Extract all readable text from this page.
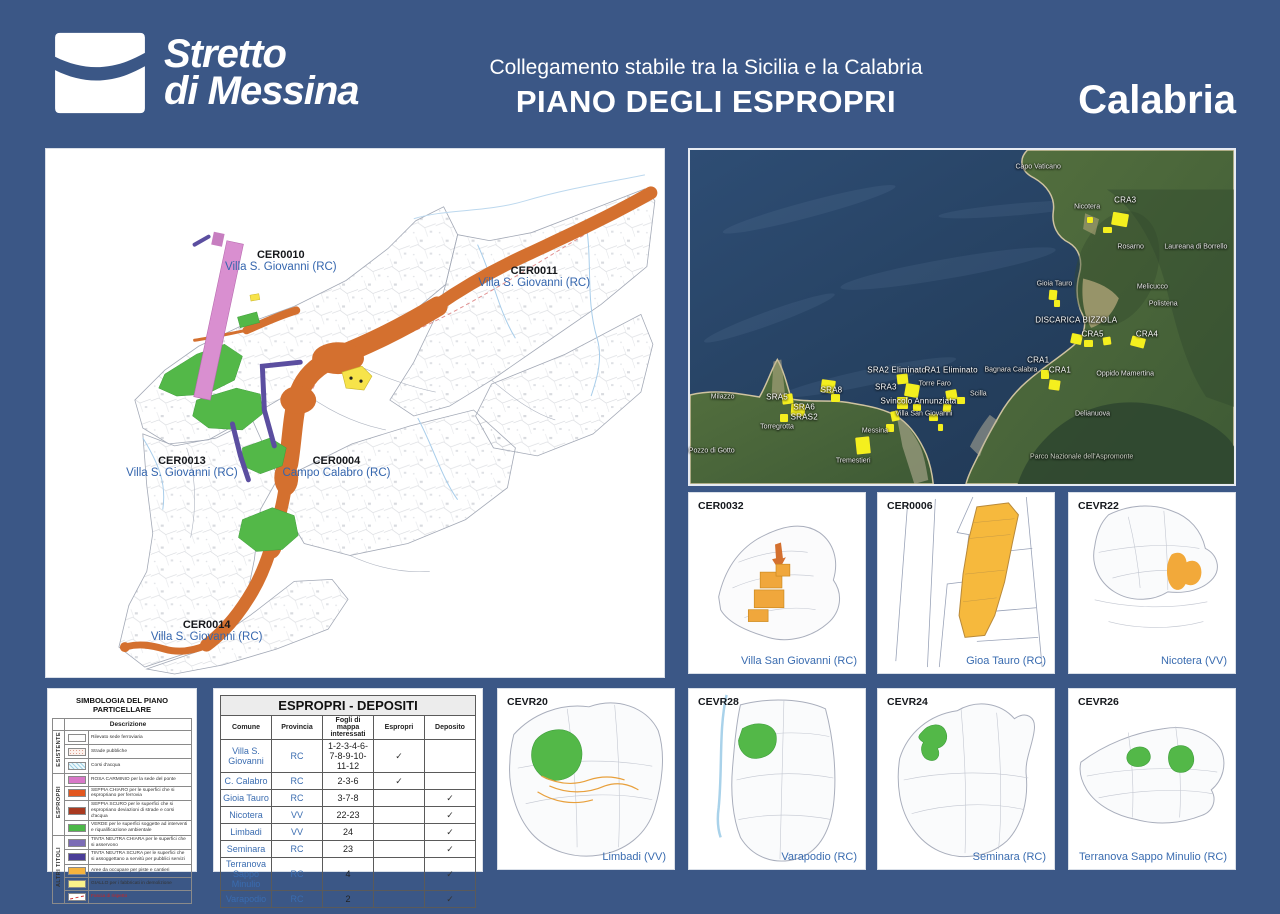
Stretto
di Messina
Collegamento stabile tra la Sicilia e la Calabria
PIANO DEGLI ESPROPRI	Calabria
CER0010
Villa S. Giovanni (RC)	CER0011
Villa S. Giovanni (RC)
CER0013
Villa S. Giovanni (RC)
CER0004
Campo Calabro (RC)
CER0014
Villa S. Giovanni (RC)
Capo Vaticano
Nicotera
CRA3
Rosarno	Laureana di Borrello
Gioia Tauro	Melicucco
Polistena
DISCARICA BIZZOLA
CRA5	CRA4
CRA1
CRA1
Bagnara Calabra	Oppido Mamertina
SRA2 Eliminato
RA1 Eliminato
SRA3	Torre Faro
Svincolo Annunziata
Scilla
Villa San Giovanni	Delianuova
Milazzo	SRA5
SRA8
SRA6
SRAS2
Torregrotta	Messina
Tremestieri
Pozzo di Gotto
Parco Nazionale dell'Aspromonte
CER0032
Villa San Giovanni (RC)
CER0006
Gioa Tauro (RC)
CEVR22
Nicotera (VV)
SIMBOLOGIA DEL PIANO PARTICELLARE
	Descrizione	
ESISTENTE		Rilevato sede ferroviaria

		Strade pubbliche

		Corsi d'acqua
ESPROPRI		ROSA CARMINIO per la sede del ponte

		SEPPIA CHIARO per le superfici che si espropriano per ferrovia

		SEPPIA SCURO per le superfici che si espropriano deviazioni di strade e corsi d'acqua

		VERDE per le superfici soggette ad interventi e riqualificazione ambientale
ALTRI TITOLI		TINTA NEUTRA CHIARA per le superfici che si asservono

		TINTA NEUTRA SCURA per le superfici che si assoggettano a servitù per pubblici servizi

		Aree da occupare per piste e cantieri

		GIALLO per i fabbricati in demolizione

		Fascia di rispetto
ESPROPRI - DEPOSITI				
Comune	Provincia	Fogli di mappa interessati	Espropri	Deposito
Villa S. Giovanni	RC	1-2-3-4-6-7-8-9-10-11-12	✓	
C. Calabro	RC	2-3-6	✓	
Gioia Tauro	RC	3-7-8		✓
Nicotera	VV	22-23		✓
Limbadi	VV	24		✓
Seminara	RC	23		✓
Terranova Sappo Minulio	RC	4		✓
Varapodio	RC	2		✓
CEVR20
Limbadi (VV)
CEVR28
Varapodio (RC)
CEVR24
Seminara (RC)
CEVR26
Terranova Sappo Minulio (RC)
